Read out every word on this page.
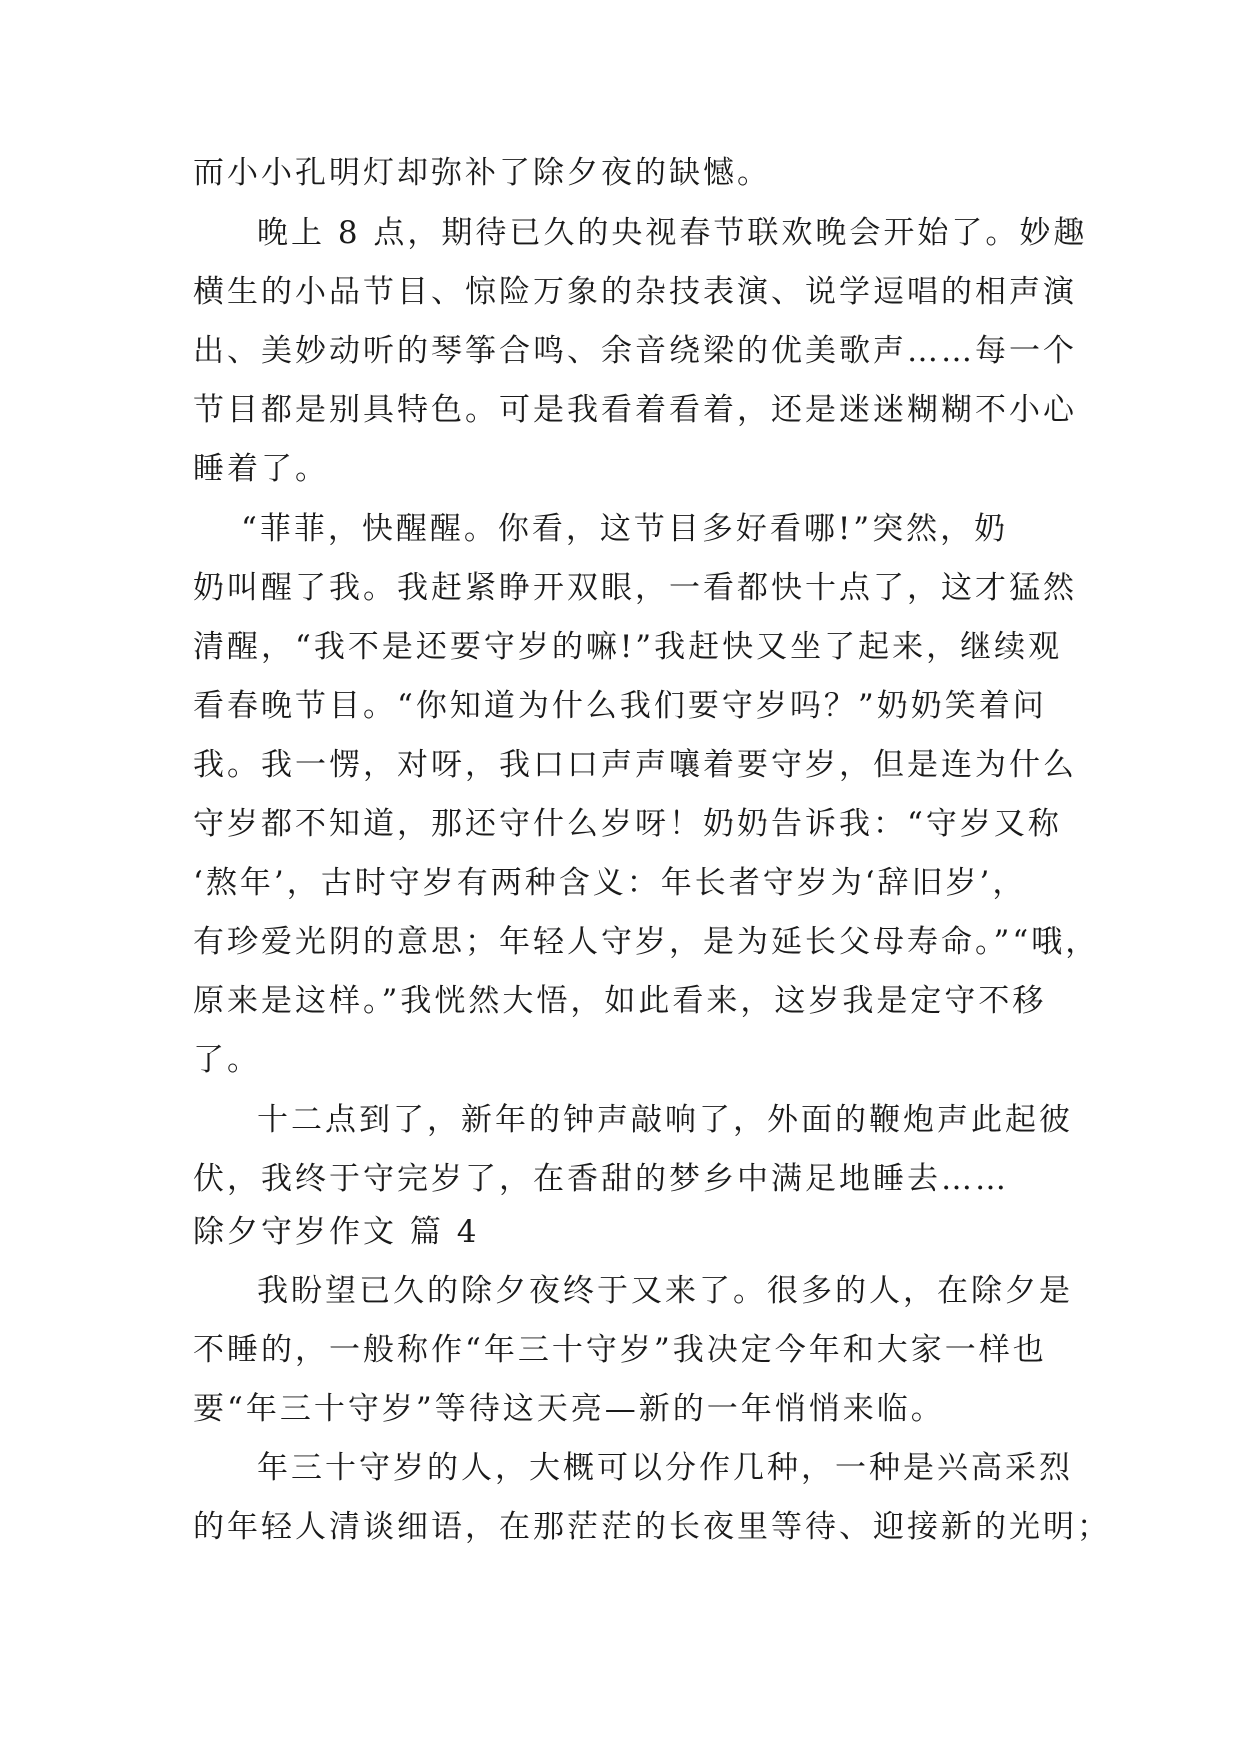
而小小孔明灯却弥补了除夕夜的缺憾。
晚上 8 点，期待已久的央视春节联欢晚会开始了。妙趣
横生的小品节目、惊险万象的杂技表演、说学逗唱的相声演
出、美妙动听的琴筝合鸣、余音绕梁的优美歌声……每一个
节目都是别具特色。可是我看着看着，还是迷迷糊糊不小心
睡着了。
“菲菲，快醒醒。你看，这节目多好看哪!”突然，奶
奶叫醒了我。我赶紧睁开双眼，一看都快十点了，这才猛然
清醒，“我不是还要守岁的嘛!”我赶快又坐了起来，继续观
看春晚节目。“你知道为什么我们要守岁吗？”奶奶笑着问
我。我一愣，对呀，我口口声声嚷着要守岁，但是连为什么
守岁都不知道，那还守什么岁呀！奶奶告诉我：“守岁又称
‘熬年’，古时守岁有两种含义：年长者守岁为‘辞旧岁’，
有珍爱光阴的意思；年轻人守岁，是为延长父母寿命。”“哦，
原来是这样。”我恍然大悟，如此看来，这岁我是定守不移
了。
十二点到了，新年的钟声敲响了，外面的鞭炮声此起彼
伏，我终于守完岁了，在香甜的梦乡中满足地睡去……
除夕守岁作文 篇 4
我盼望已久的除夕夜终于又来了。很多的人，在除夕是
不睡的，一般称作“年三十守岁”我决定今年和大家一样也
要“年三十守岁”等待这天亮—新的一年悄悄来临。
年三十守岁的人，大概可以分作几种，一种是兴高采烈
的年轻人清谈细语，在那茫茫的长夜里等待、迎接新的光明；
